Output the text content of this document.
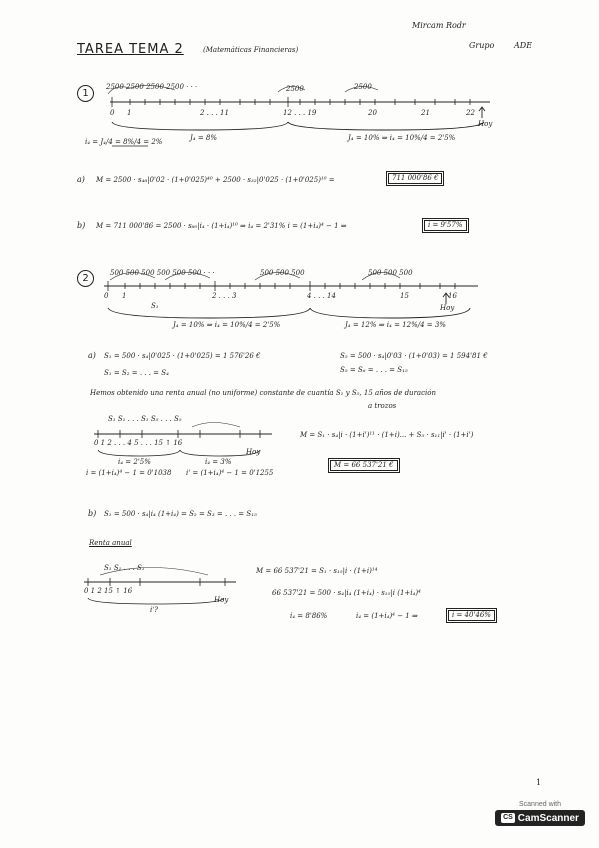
Mircam Rodr
Grupo ADE
TAREA TEMA 2	(Matemáticas Financieras)
1
2500 2500 2500 2500 · · ·	2500	2500
0 1	2 . . . 11	12 . . . 19	20	21	22
Hoy
J₄ = 8%	J₄ = 10% ⇒ i₄ = 10%/4 = 2'5%
i₄ = J₄/4 = 8%/4 = 2%
a) M = 2500 · s₄₈|0'02 · (1+0'025)⁴⁰ + 2500 · s₃₂|0'025 · (1+0'025)¹⁰ =	711 000'86 €
b) M = 711 000'86 = 2500 · s₈₀|i₄ · (1+i₄)¹⁰ ⇒ i₄ = 2'31% i = (1+i₄)⁴ − 1 ⇒	i = 9'57%
2	500 500 500 500 500 500 · · ·	500 500 500	500 500 500
S₁
0 1	2 . . . 3	4 . . . 14	15	16
Hoy
J₄ = 10% ⇒ i₄ = 10%/4 = 2'5%	J₄ = 12% ⇒ i₄ = 12%/4 = 3%
a) S₁ = 500 · s₄|0'025 · (1+0'025) = 1 576'26 €
S₁ = S₂ = . . . = S₄
S₅ = 500 · s₄|0'03 · (1+0'03) = 1 594'81 €
S₅ = S₆ = . . . = S₁₅
Hemos obtenido una renta anual (no uniforme) constante de cuantía S₁ y S₅, 15 años de duración
a trozos
S₁ S₁ . . . S₁ S₅ . . . S₅
0 1 2 . . . 4 5 . . . 15 ↑ 16
Hoy
i₄ = 2'5%	i₄ = 3%
i = (1+i₄)⁴ − 1 = 0'1038 i' = (1+i₄)⁴ − 1 = 0'1255
M = S₁ · s₄|i · (1+i')¹¹ · (1+i)... + S₅ · s₁₁|i' · (1+i')
M = 66 537'21 €
b) S₁ = 500 · s₄|i₄ (1+i₄) = S₂ = S₃ = . . . = S₁₅
Renta anual
S₁ S₁ . . . S₁
0 1 2 15 ↑ 16
Hoy
i'?
M = 66 537'21 = S₁ · s₁₅|i · (1+i)¹⁴
66 537'21 = 500 · s₄|i₄ (1+i₄) · s₁₅|i (1+i₄)⁴
i₄ = 8'86%	i₄ = (1+i₄)⁴ − 1 ⇒	i = 40'46%
1
Scanned with
CS CamScanner
